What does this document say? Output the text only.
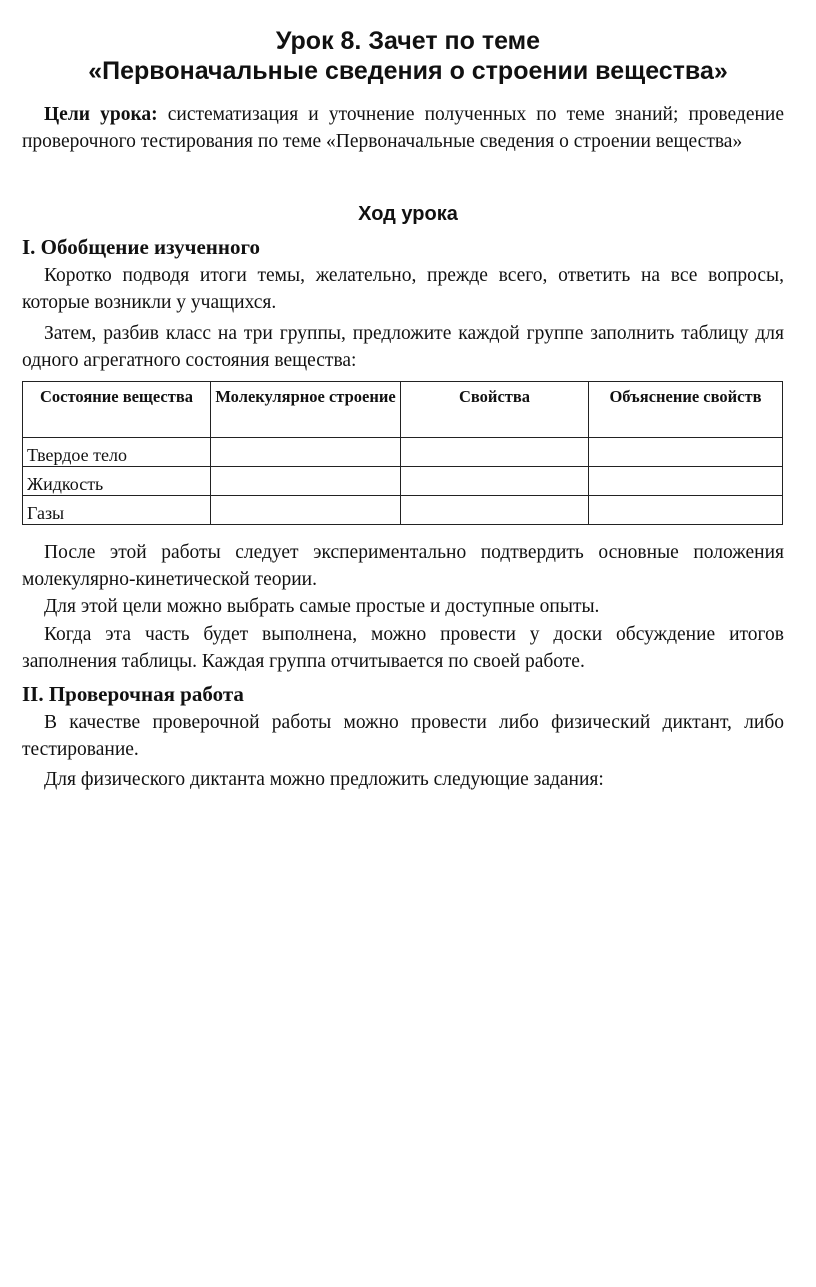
Урок 8. Зачет по теме
«Первоначальные сведения о строении вещества»
Цели урока: систематизация и уточнение полученных по теме знаний; проведение проверочного тестирования по теме «Первоначальные сведения о строении вещества»
Ход урока
I. Обобщение изученного
Коротко подводя итоги темы, желательно, прежде всего, ответить на все вопросы, которые возникли у учащихся.
Затем, разбив класс на три группы, предложите каждой группе заполнить таблицу для одного агрегатного состояния вещества:
Состояние вещества	Молекулярное строение	Свойства	Объяснение свойств
Твердое тело			
Жидкость			
Газы			
После этой работы следует экспериментально подтвердить основные положения молекулярно-кинетической теории.
Для этой цели можно выбрать самые простые и доступные опыты.
Когда эта часть будет выполнена, можно провести у доски обсуждение итогов заполнения таблицы. Каждая группа отчитывается по своей работе.
II. Проверочная работа
В качестве проверочной работы можно провести либо физический диктант, либо тестирование.
Для физического диктанта можно предложить следующие задания:
